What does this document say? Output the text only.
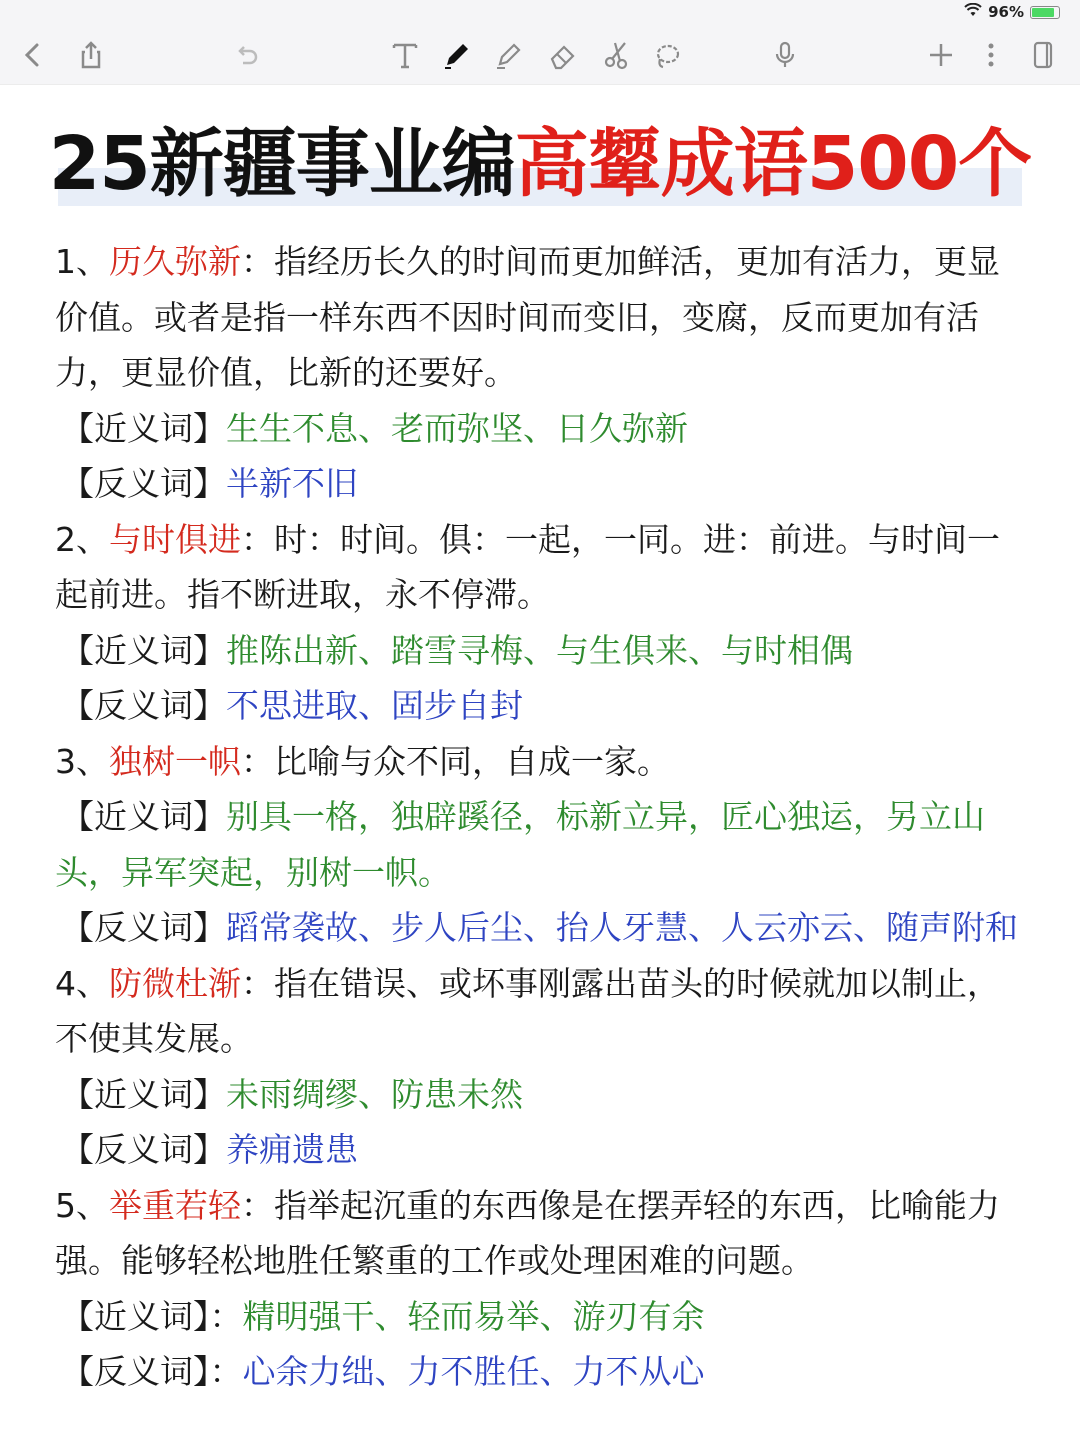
96%
25新疆事业编高颦成语500个

1、历久弥新：指经历长久的时间而更加鲜活，更加有活力，更显价值。或者是指一样东西不因时间而变旧，变腐，反而更加有活力，更显价值，比新的还要好。

【近义词】生生不息、老而弥坚、日久弥新

【反义词】半新不旧

2、与时俱进：时：时间。俱：一起，一同。进：前进。与时间一起前进。指不断进取，永不停滞。

【近义词】推陈出新、踏雪寻梅、与生俱来、与时相偶

【反义词】不思进取、固步自封

3、独树一帜：比喻与众不同，自成一家。

【近义词】别具一格，独辟蹊径，标新立异，匠心独运，另立山头，异军突起，别树一帜。

【反义词】蹈常袭故、步人后尘、抬人牙慧、人云亦云、随声附和

4、防微杜渐：指在错误、或坏事刚露出苗头的时候就加以制止，不使其发展。

【近义词】未雨绸缪、防患未然

【反义词】养痈遗患

5、举重若轻：指举起沉重的东西像是在摆弄轻的东西，比喻能力强。能够轻松地胜任繁重的工作或处理困难的问题。

【近义词】：精明强干、轻而易举、游刃有余

【反义词】：心余力绌、力不胜任、力不从心
